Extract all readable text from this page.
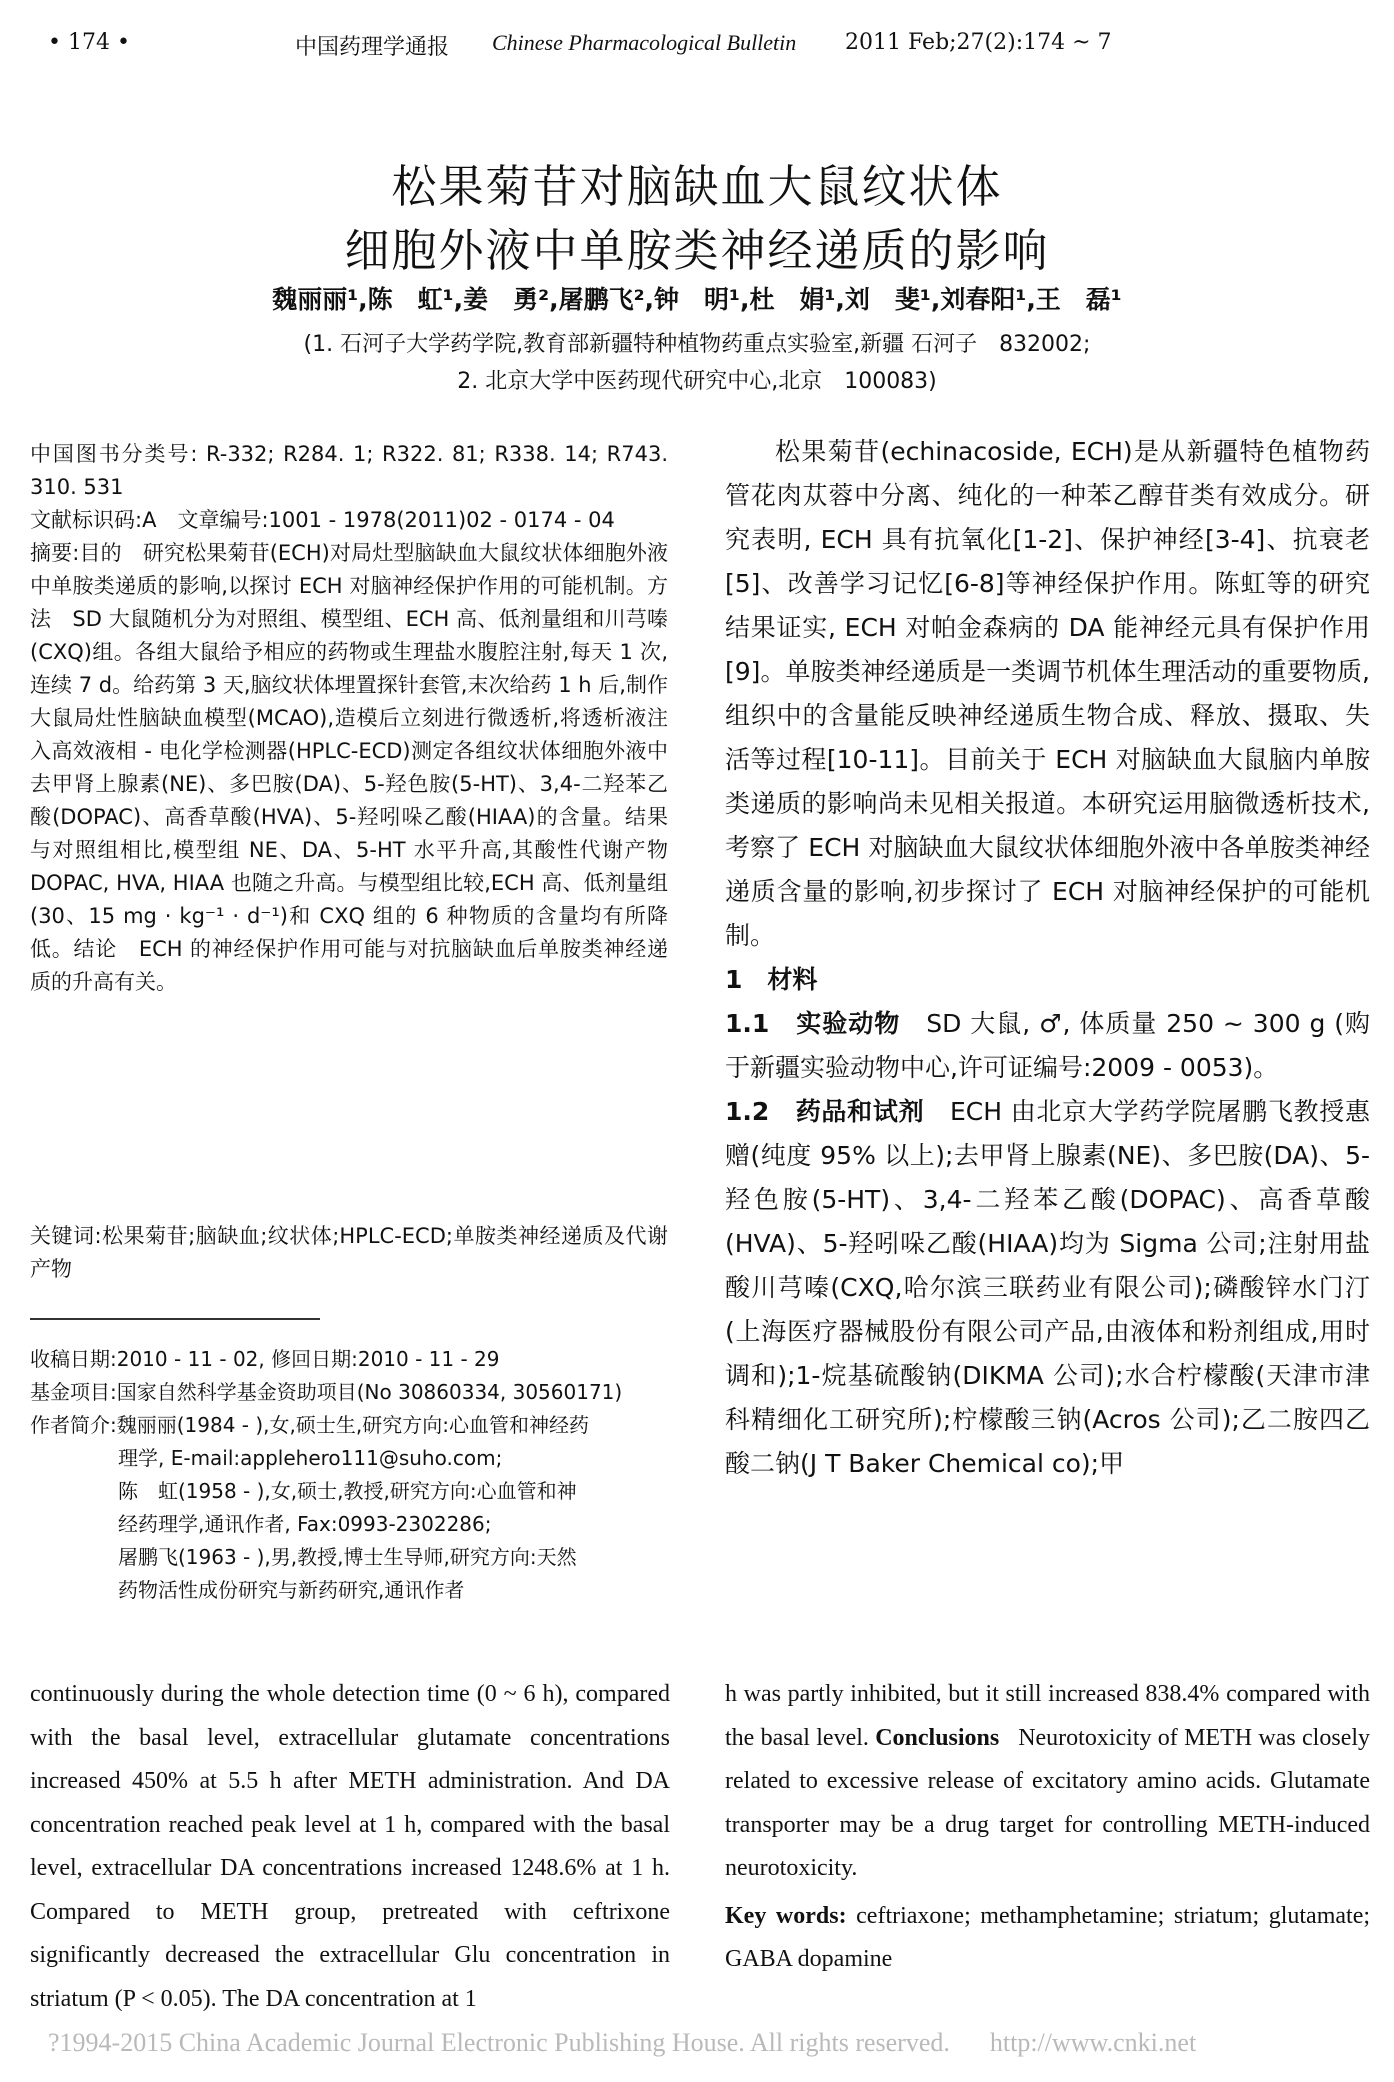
• 174 •	中国药理学通报 Chinese Pharmacological Bulletin 2011 Feb;27(2):174 ~ 7
松果菊苷对脑缺血大鼠纹状体
细胞外液中单胺类神经递质的影响
魏丽丽¹,陈　虹¹,姜　勇²,屠鹏飞²,钟　明¹,杜　娟¹,刘　斐¹,刘春阳¹,王　磊¹
(1. 石河子大学药学院,教育部新疆特种植物药重点实验室,新疆 石河子　832002;
2. 北京大学中医药现代研究中心,北京　100083)

中国图书分类号: R-332; R284. 1; R322. 81; R338. 14; R743. 310. 531

文献标识码:A　文章编号:1001 - 1978(2011)02 - 0174 - 04

摘要:目的　研究松果菊苷(ECH)对局灶型脑缺血大鼠纹状体细胞外液中单胺类递质的影响,以探讨 ECH 对脑神经保护作用的可能机制。方法　SD 大鼠随机分为对照组、模型组、ECH 高、低剂量组和川芎嗪(CXQ)组。各组大鼠给予相应的药物或生理盐水腹腔注射,每天 1 次,连续 7 d。给药第 3 天,脑纹状体埋置探针套管,末次给药 1 h 后,制作大鼠局灶性脑缺血模型(MCAO),造模后立刻进行微透析,将透析液注入高效液相 - 电化学检测器(HPLC-ECD)测定各组纹状体细胞外液中去甲肾上腺素(NE)、多巴胺(DA)、5-羟色胺(5-HT)、3,4-二羟苯乙酸(DOPAC)、高香草酸(HVA)、5-羟吲哚乙酸(HIAA)的含量。结果　与对照组相比,模型组 NE、DA、5-HT 水平升高,其酸性代谢产物 DOPAC, HVA, HIAA 也随之升高。与模型组比较,ECH 高、低剂量组(30、15 mg · kg⁻¹ · d⁻¹)和 CXQ 组的 6 种物质的含量均有所降低。结论　ECH 的神经保护作用可能与对抗脑缺血后单胺类神经递质的升高有关。

关键词:松果菊苷;脑缺血;纹状体;HPLC-ECD;单胺类神经递质及代谢产物

收稿日期:2010 - 11 - 02, 修回日期:2010 - 11 - 29

基金项目:国家自然科学基金资助项目(No 30860334, 30560171)

作者简介:魏丽丽(1984 - ),女,硕士生,研究方向:心血管和神经药

理学, E-mail:applehero111@suho.com;

陈　虹(1958 - ),女,硕士,教授,研究方向:心血管和神

经药理学,通讯作者, Fax:0993-2302286;

屠鹏飞(1963 - ),男,教授,博士生导师,研究方向:天然

药物活性成份研究与新药研究,通讯作者

松果菊苷(echinacoside, ECH)是从新疆特色植物药管花肉苁蓉中分离、纯化的一种苯乙醇苷类有效成分。研究表明, ECH 具有抗氧化[1-2]、保护神经[3-4]、抗衰老[5]、改善学习记忆[6-8]等神经保护作用。陈虹等的研究结果证实, ECH 对帕金森病的 DA 能神经元具有保护作用[9]。单胺类神经递质是一类调节机体生理活动的重要物质,组织中的含量能反映神经递质生物合成、释放、摄取、失活等过程[10-11]。目前关于 ECH 对脑缺血大鼠脑内单胺类递质的影响尚未见相关报道。本研究运用脑微透析技术,考察了 ECH 对脑缺血大鼠纹状体细胞外液中各单胺类神经递质含量的影响,初步探讨了 ECH 对脑神经保护的可能机制。

1　材料

1.1　实验动物　 SD 大鼠, ♂, 体质量 250 ~ 300 g (购于新疆实验动物中心,许可证编号:2009 - 0053)。

1.2　药品和试剂　 ECH 由北京大学药学院屠鹏飞教授惠赠(纯度 95% 以上);去甲肾上腺素(NE)、多巴胺(DA)、5-羟色胺(5-HT)、3,4-二羟苯乙酸(DOPAC)、高香草酸(HVA)、5-羟吲哚乙酸(HIAA)均为 Sigma 公司;注射用盐酸川芎嗪(CXQ,哈尔滨三联药业有限公司);磷酸锌水门汀(上海医疗器械股份有限公司产品,由液体和粉剂组成,用时调和);1-烷基硫酸钠(DIKMA 公司);水合柠檬酸(天津市津科精细化工研究所);柠檬酸三钠(Acros 公司);乙二胺四乙酸二钠(J T Baker Chemical co);甲

continuously during the whole detection time (0 ~ 6 h), compared with the basal level, extracellular glutamate concentrations increased 450% at 5.5 h after METH administration. And DA concentration reached peak level at 1 h, compared with the basal level, extracellular DA concentrations increased 1248.6% at 1 h. Compared to METH group, pretreated with ceftrixone significantly decreased the extracellular Glu concentration in striatum (P < 0.05). The DA concentration at 1

h was partly inhibited, but it still increased 838.4% compared with the basal level. Conclusions Neurotoxicity of METH was closely related to excessive release of excitatory amino acids. Glutamate transporter may be a drug target for controlling METH-induced neurotoxicity.

Key words: ceftriaxone; methamphetamine; striatum; glutamate; GABA dopamine

?1994-2015 China Academic Journal Electronic Publishing House. All rights reserved. http://www.cnki.net
